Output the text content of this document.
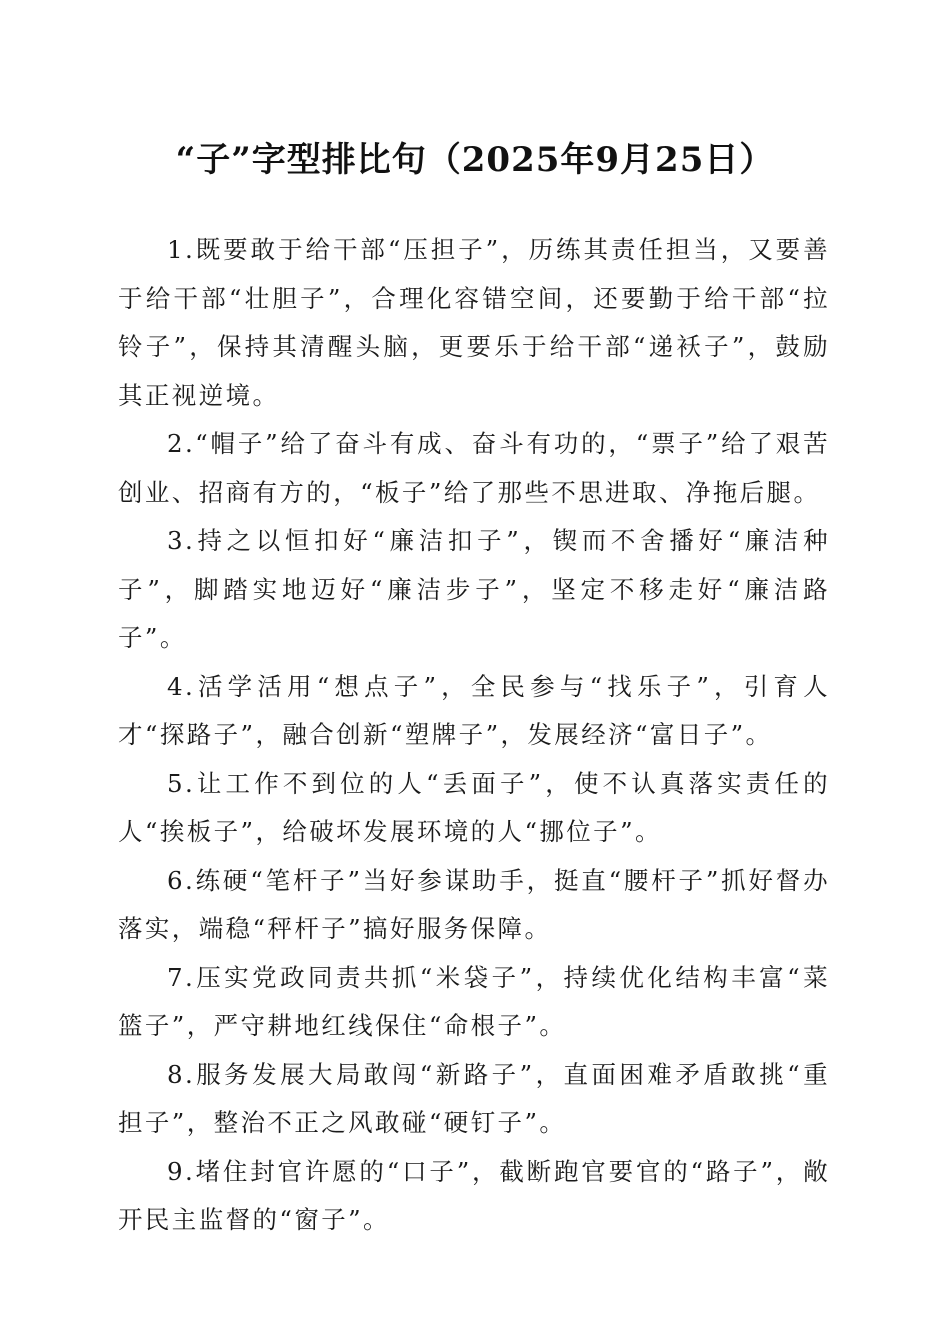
“子”字型排比句（2025年9月25日）

1.既要敢于给干部“压担子”，历练其责任担当，又要善于给干部“壮胆子”，合理化容错空间，还要勤于给干部“拉铃子”，保持其清醒头脑，更要乐于给干部“递袄子”，鼓励其正视逆境。

2.“帽子”给了奋斗有成、奋斗有功的，“票子”给了艰苦创业、招商有方的，“板子”给了那些不思进取、净拖后腿。

3.持之以恒扣好“廉洁扣子”，锲而不舍播好“廉洁种子”，脚踏实地迈好“廉洁步子”，坚定不移走好“廉洁路子”。

4.活学活用“想点子”，全民参与“找乐子”，引育人才“探路子”，融合创新“塑牌子”，发展经济“富日子”。

5.让工作不到位的人“丢面子”，使不认真落实责任的人“挨板子”，给破坏发展环境的人“挪位子”。

6.练硬“笔杆子”当好参谋助手，挺直“腰杆子”抓好督办落实，端稳“秤杆子”搞好服务保障。

7.压实党政同责共抓“米袋子”，持续优化结构丰富“菜篮子”，严守耕地红线保住“命根子”。

8.服务发展大局敢闯“新路子”，直面困难矛盾敢挑“重担子”，整治不正之风敢碰“硬钉子”。

9.堵住封官许愿的“口子”，截断跑官要官的“路子”，敞开民主监督的“窗子”。
